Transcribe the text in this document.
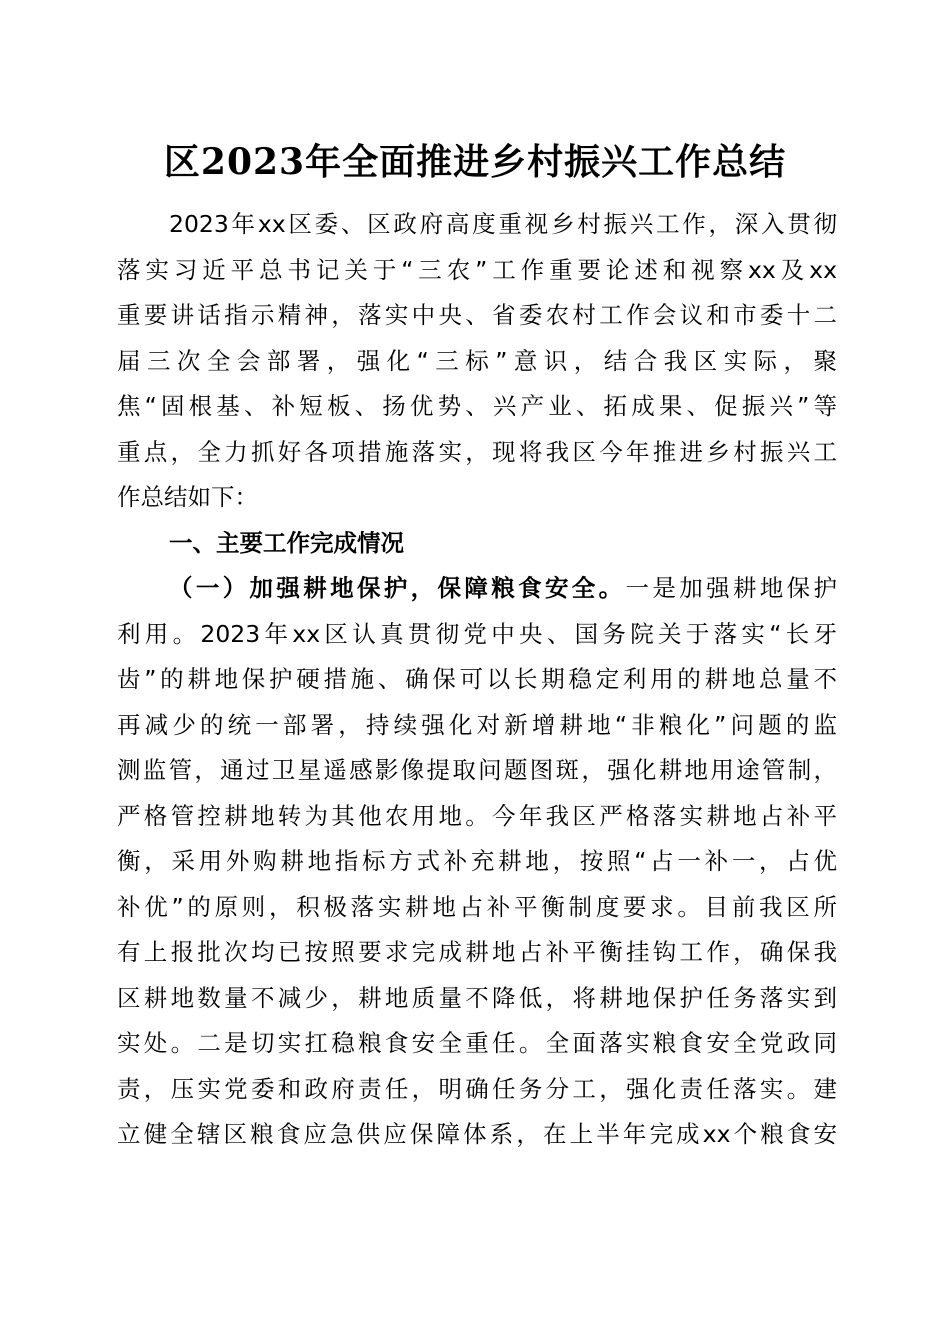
区2023年全面推进乡村振兴工作总结
2023年xx区委、区政府高度重视乡村振兴工作，深入贯彻
落实习近平总书记关于“三农”工作重要论述和视察xx及xx
重要讲话指示精神，落实中央、省委农村工作会议和市委十二
届三次全会部署，强化“三标”意识，结合我区实际，聚
焦“固根基、补短板、扬优势、兴产业、拓成果、促振兴”等
重点，全力抓好各项措施落实，现将我区今年推进乡村振兴工
作总结如下：
一、主要工作完成情况
（一）加强耕地保护，保障粮食安全。一是加强耕地保护
利用。2023年xx区认真贯彻党中央、国务院关于落实“长牙
齿”的耕地保护硬措施、确保可以长期稳定利用的耕地总量不
再减少的统一部署，持续强化对新增耕地“非粮化”问题的监
测监管，通过卫星遥感影像提取问题图斑，强化耕地用途管制，
严格管控耕地转为其他农用地。今年我区严格落实耕地占补平
衡，采用外购耕地指标方式补充耕地，按照“占一补一，占优
补优”的原则，积极落实耕地占补平衡制度要求。目前我区所
有上报批次均已按照要求完成耕地占补平衡挂钩工作，确保我
区耕地数量不减少，耕地质量不降低，将耕地保护任务落实到
实处。二是切实扛稳粮食安全重任。全面落实粮食安全党政同
责，压实党委和政府责任，明确任务分工，强化责任落实。建
立健全辖区粮食应急供应保障体系，在上半年完成xx个粮食安
